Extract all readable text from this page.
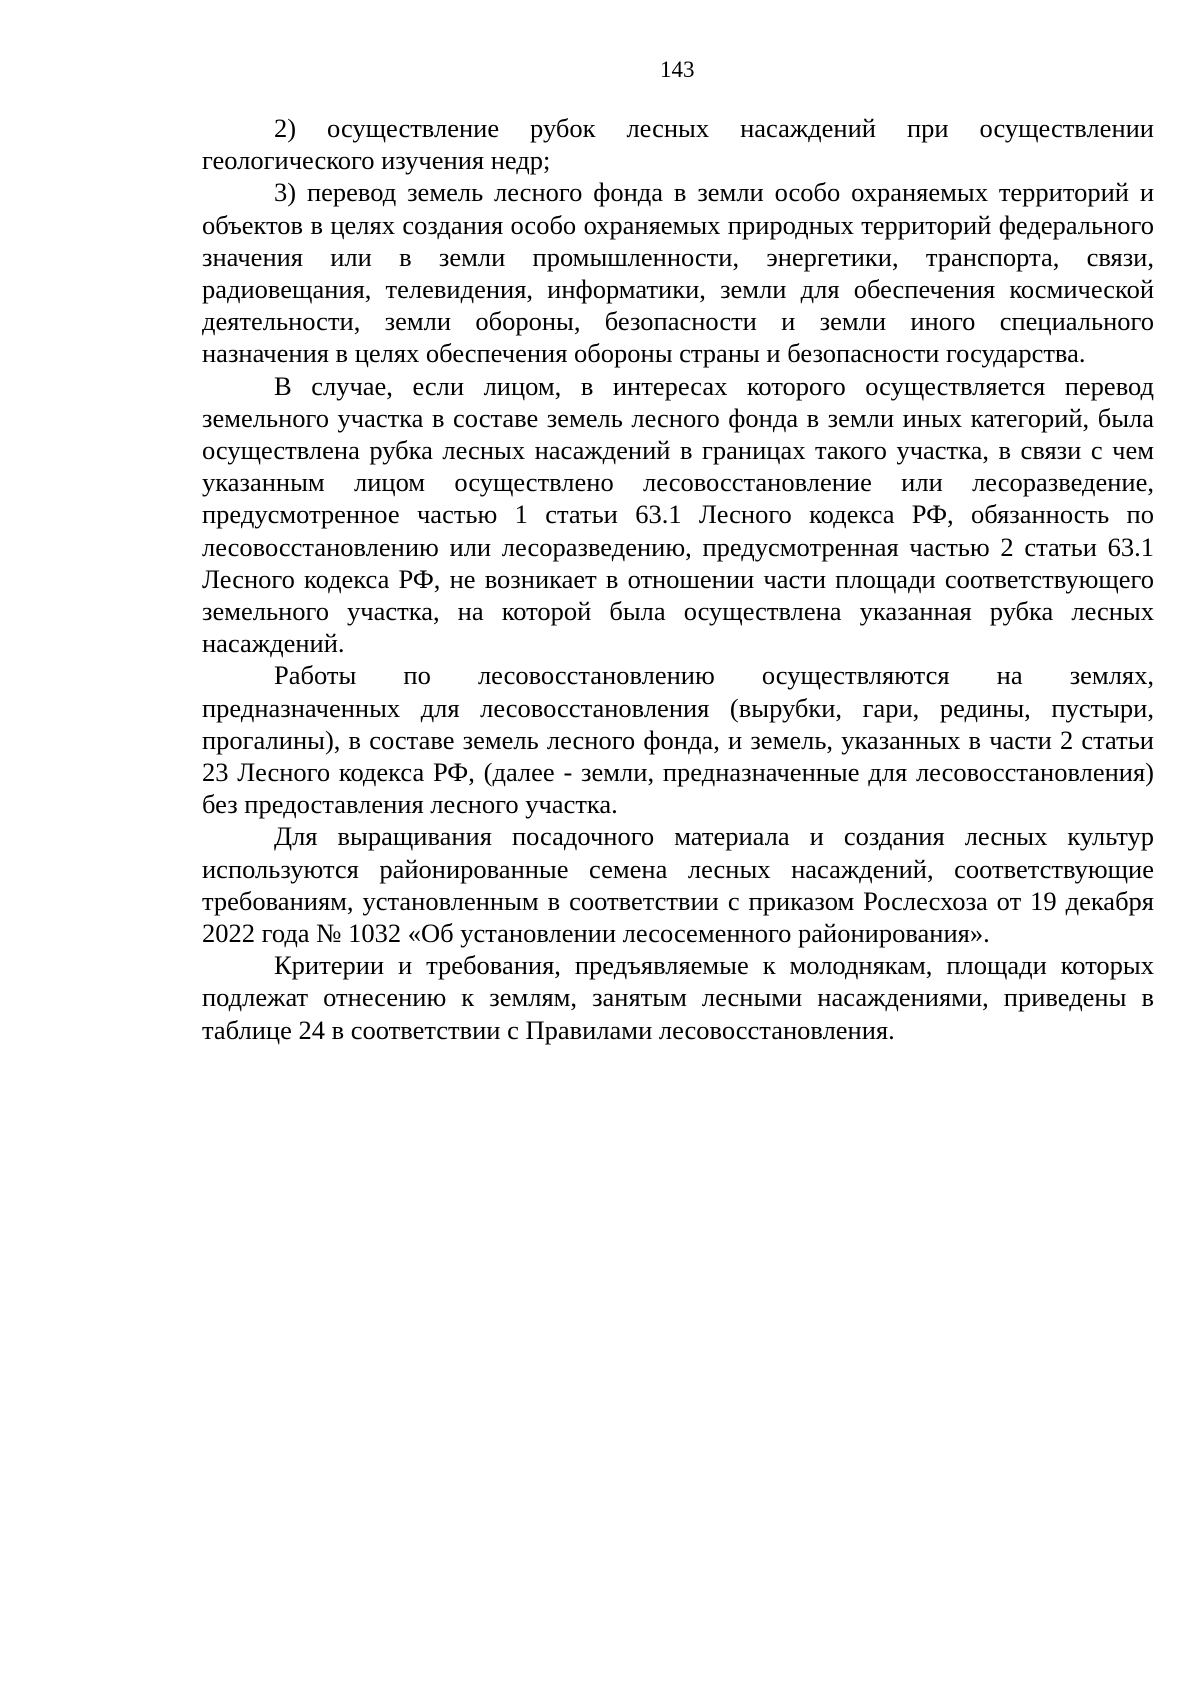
143

2) осуществление рубок лесных насаждений при осуществлении геологического изучения недр;

3) перевод земель лесного фонда в земли особо охраняемых территорий и объектов в целях создания особо охраняемых природных территорий федерального значения или в земли промышленности, энергетики, транспорта, связи, радиовещания, телевидения, информатики, земли для обеспечения космической деятельности, земли обороны, безопасности и земли иного специального назначения в целях обеспечения обороны страны и безопасности государства.

В случае, если лицом, в интересах которого осуществляется перевод земельного участка в составе земель лесного фонда в земли иных категорий, была осуществлена рубка лесных насаждений в границах такого участка, в связи с чем указанным лицом осуществлено лесовосстановление или лесоразведение, предусмотренное частью 1 статьи 63.1 Лесного кодекса РФ, обязанность по лесовосстановлению или лесоразведению, предусмотренная частью 2 статьи 63.1 Лесного кодекса РФ, не возникает в отношении части площади соответствующего земельного участка, на которой была осуществлена указанная рубка лесных насаждений.

Работы по лесовосстановлению осуществляются на землях, предназначенных для лесовосстановления (вырубки, гари, редины, пустыри, прогалины), в составе земель лесного фонда, и земель, указанных в части 2 статьи 23 Лесного кодекса РФ, (далее - земли, предназначенные для лесовосстановления) без предоставления лесного участка.

Для выращивания посадочного материала и создания лесных культур используются районированные семена лесных насаждений, соответствующие требованиям, установленным в соответствии с приказом Рослесхоза от 19 декабря 2022 года № 1032 «Об установлении лесосеменного районирования».

Критерии и требования, предъявляемые к молоднякам, площади которых подлежат отнесению к землям, занятым лесными насаждениями, приведены в таблице 24 в соответствии с Правилами лесовосстановления.
